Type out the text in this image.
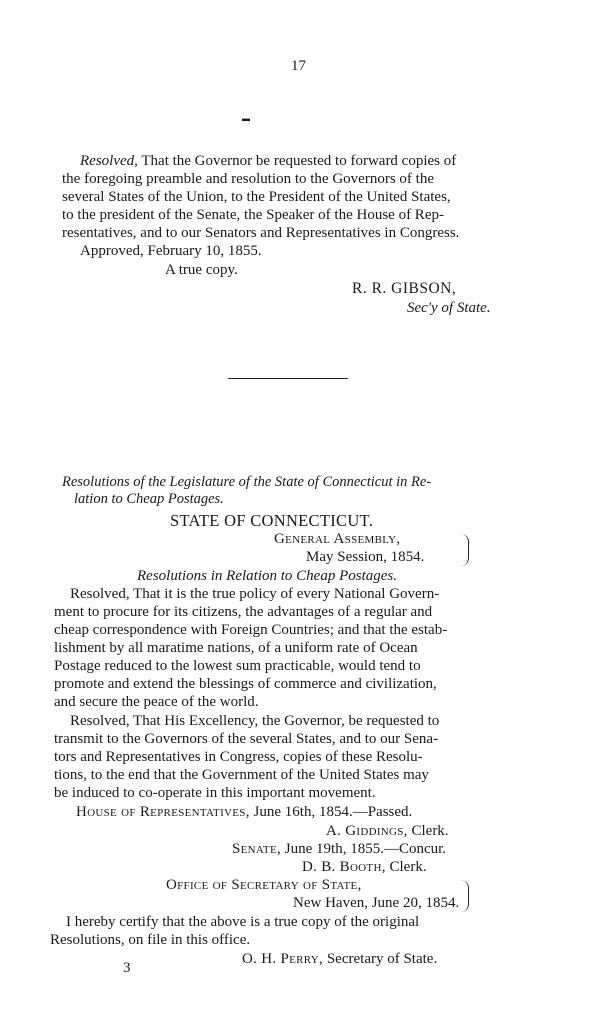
17
▬
Resolved, That the Governor be requested to forward copies of
the foregoing preamble and resolution to the Governors of the
several States of the Union, to the President of the United States,
to the president of the Senate, the Speaker of the House of Rep-
resentatives, and to our Senators and Representatives in Congress.
Approved, February 10, 1855.
A true copy.
R. R. GIBSON,
Sec'y of State.
Resolutions of the Legislature of the State of Connecticut in Re-
lation to Cheap Postages.
STATE OF CONNECTICUT.
General Assembly,
May Session, 1854.
Resolutions in Relation to Cheap Postages.
Resolved, That it is the true policy of every National Govern-
ment to procure for its citizens, the advantages of a regular and
cheap correspondence with Foreign Countries; and that the estab-
lishment by all maratime nations, of a uniform rate of Ocean
Postage reduced to the lowest sum practicable, would tend to
promote and extend the blessings of commerce and civilization,
and secure the peace of the world.
Resolved, That His Excellency, the Governor, be requested to
transmit to the Governors of the several States, and to our Sena-
tors and Representatives in Congress, copies of these Resolu-
tions, to the end that the Government of the United States may
be induced to co-operate in this important movement.
House of Representatives, June 16th, 1854.—Passed.
A. Giddings, Clerk.
Senate, June 19th, 1855.—Concur.
D. B. Booth, Clerk.
Office of Secretary of State,
New Haven, June 20, 1854.
I hereby certify that the above is a true copy of the original
Resolutions, on file in this office.
O. H. Perry, Secretary of State.
3
